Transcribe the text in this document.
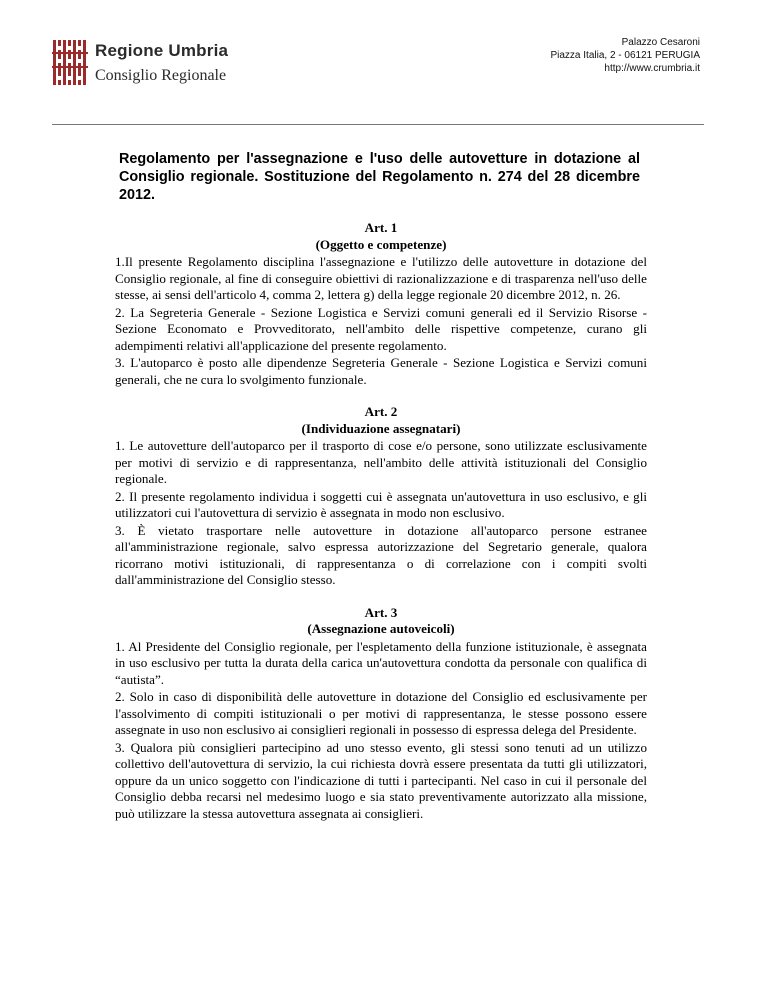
Regione Umbria
Consiglio Regionale
Palazzo Cesaroni
Piazza Italia, 2 - 06121 PERUGIA
http://www.crumbria.it
Regolamento per l'assegnazione e l'uso delle autovetture in dotazione al Consiglio regionale. Sostituzione del Regolamento n. 274 del 28 dicembre 2012.
Art. 1
(Oggetto e competenze)
1.Il presente Regolamento disciplina l'assegnazione e l'utilizzo delle autovetture in dotazione del Consiglio regionale, al fine di conseguire obiettivi di razionalizzazione e di trasparenza nell'uso delle stesse, ai sensi dell'articolo 4, comma 2, lettera g) della legge regionale 20 dicembre 2012, n. 26.
2. La Segreteria Generale - Sezione Logistica e Servizi comuni generali ed il Servizio Risorse - Sezione Economato e Provveditorato, nell'ambito delle rispettive competenze, curano gli adempimenti relativi all'applicazione del presente regolamento.
3. L'autoparco è posto alle dipendenze Segreteria Generale - Sezione Logistica e Servizi comuni generali, che ne cura lo svolgimento funzionale.
Art. 2
(Individuazione assegnatari)
1. Le autovetture dell'autoparco per il trasporto di cose e/o persone, sono utilizzate esclusivamente per motivi di servizio e di rappresentanza, nell'ambito delle attività istituzionali del Consiglio regionale.
2. Il presente regolamento individua i soggetti cui è assegnata un'autovettura in uso esclusivo, e gli utilizzatori cui l'autovettura di servizio è assegnata in modo non esclusivo.
3. È vietato trasportare nelle autovetture in dotazione all'autoparco persone estranee all'amministrazione regionale, salvo espressa autorizzazione del Segretario generale, qualora ricorrano motivi istituzionali, di rappresentanza o di correlazione con i compiti svolti dall'amministrazione del Consiglio stesso.
Art. 3
(Assegnazione autoveicoli)
1. Al Presidente del Consiglio regionale, per l'espletamento della funzione istituzionale, è assegnata in uso esclusivo per tutta la durata della carica un'autovettura condotta da personale con qualifica di “autista”.
2. Solo in caso di disponibilità delle autovetture in dotazione del Consiglio ed esclusivamente per l'assolvimento di compiti istituzionali o per motivi di rappresentanza, le stesse possono essere assegnate in uso non esclusivo ai consiglieri regionali in possesso di espressa delega del Presidente.
3. Qualora più consiglieri partecipino ad uno stesso evento, gli stessi sono tenuti ad un utilizzo collettivo dell'autovettura di servizio, la cui richiesta dovrà essere presentata da tutti gli utilizzatori, oppure da un unico soggetto con l'indicazione di tutti i partecipanti. Nel caso in cui il personale del Consiglio debba recarsi nel medesimo luogo e sia stato preventivamente autorizzato alla missione, può utilizzare la stessa autovettura assegnata ai consiglieri.
